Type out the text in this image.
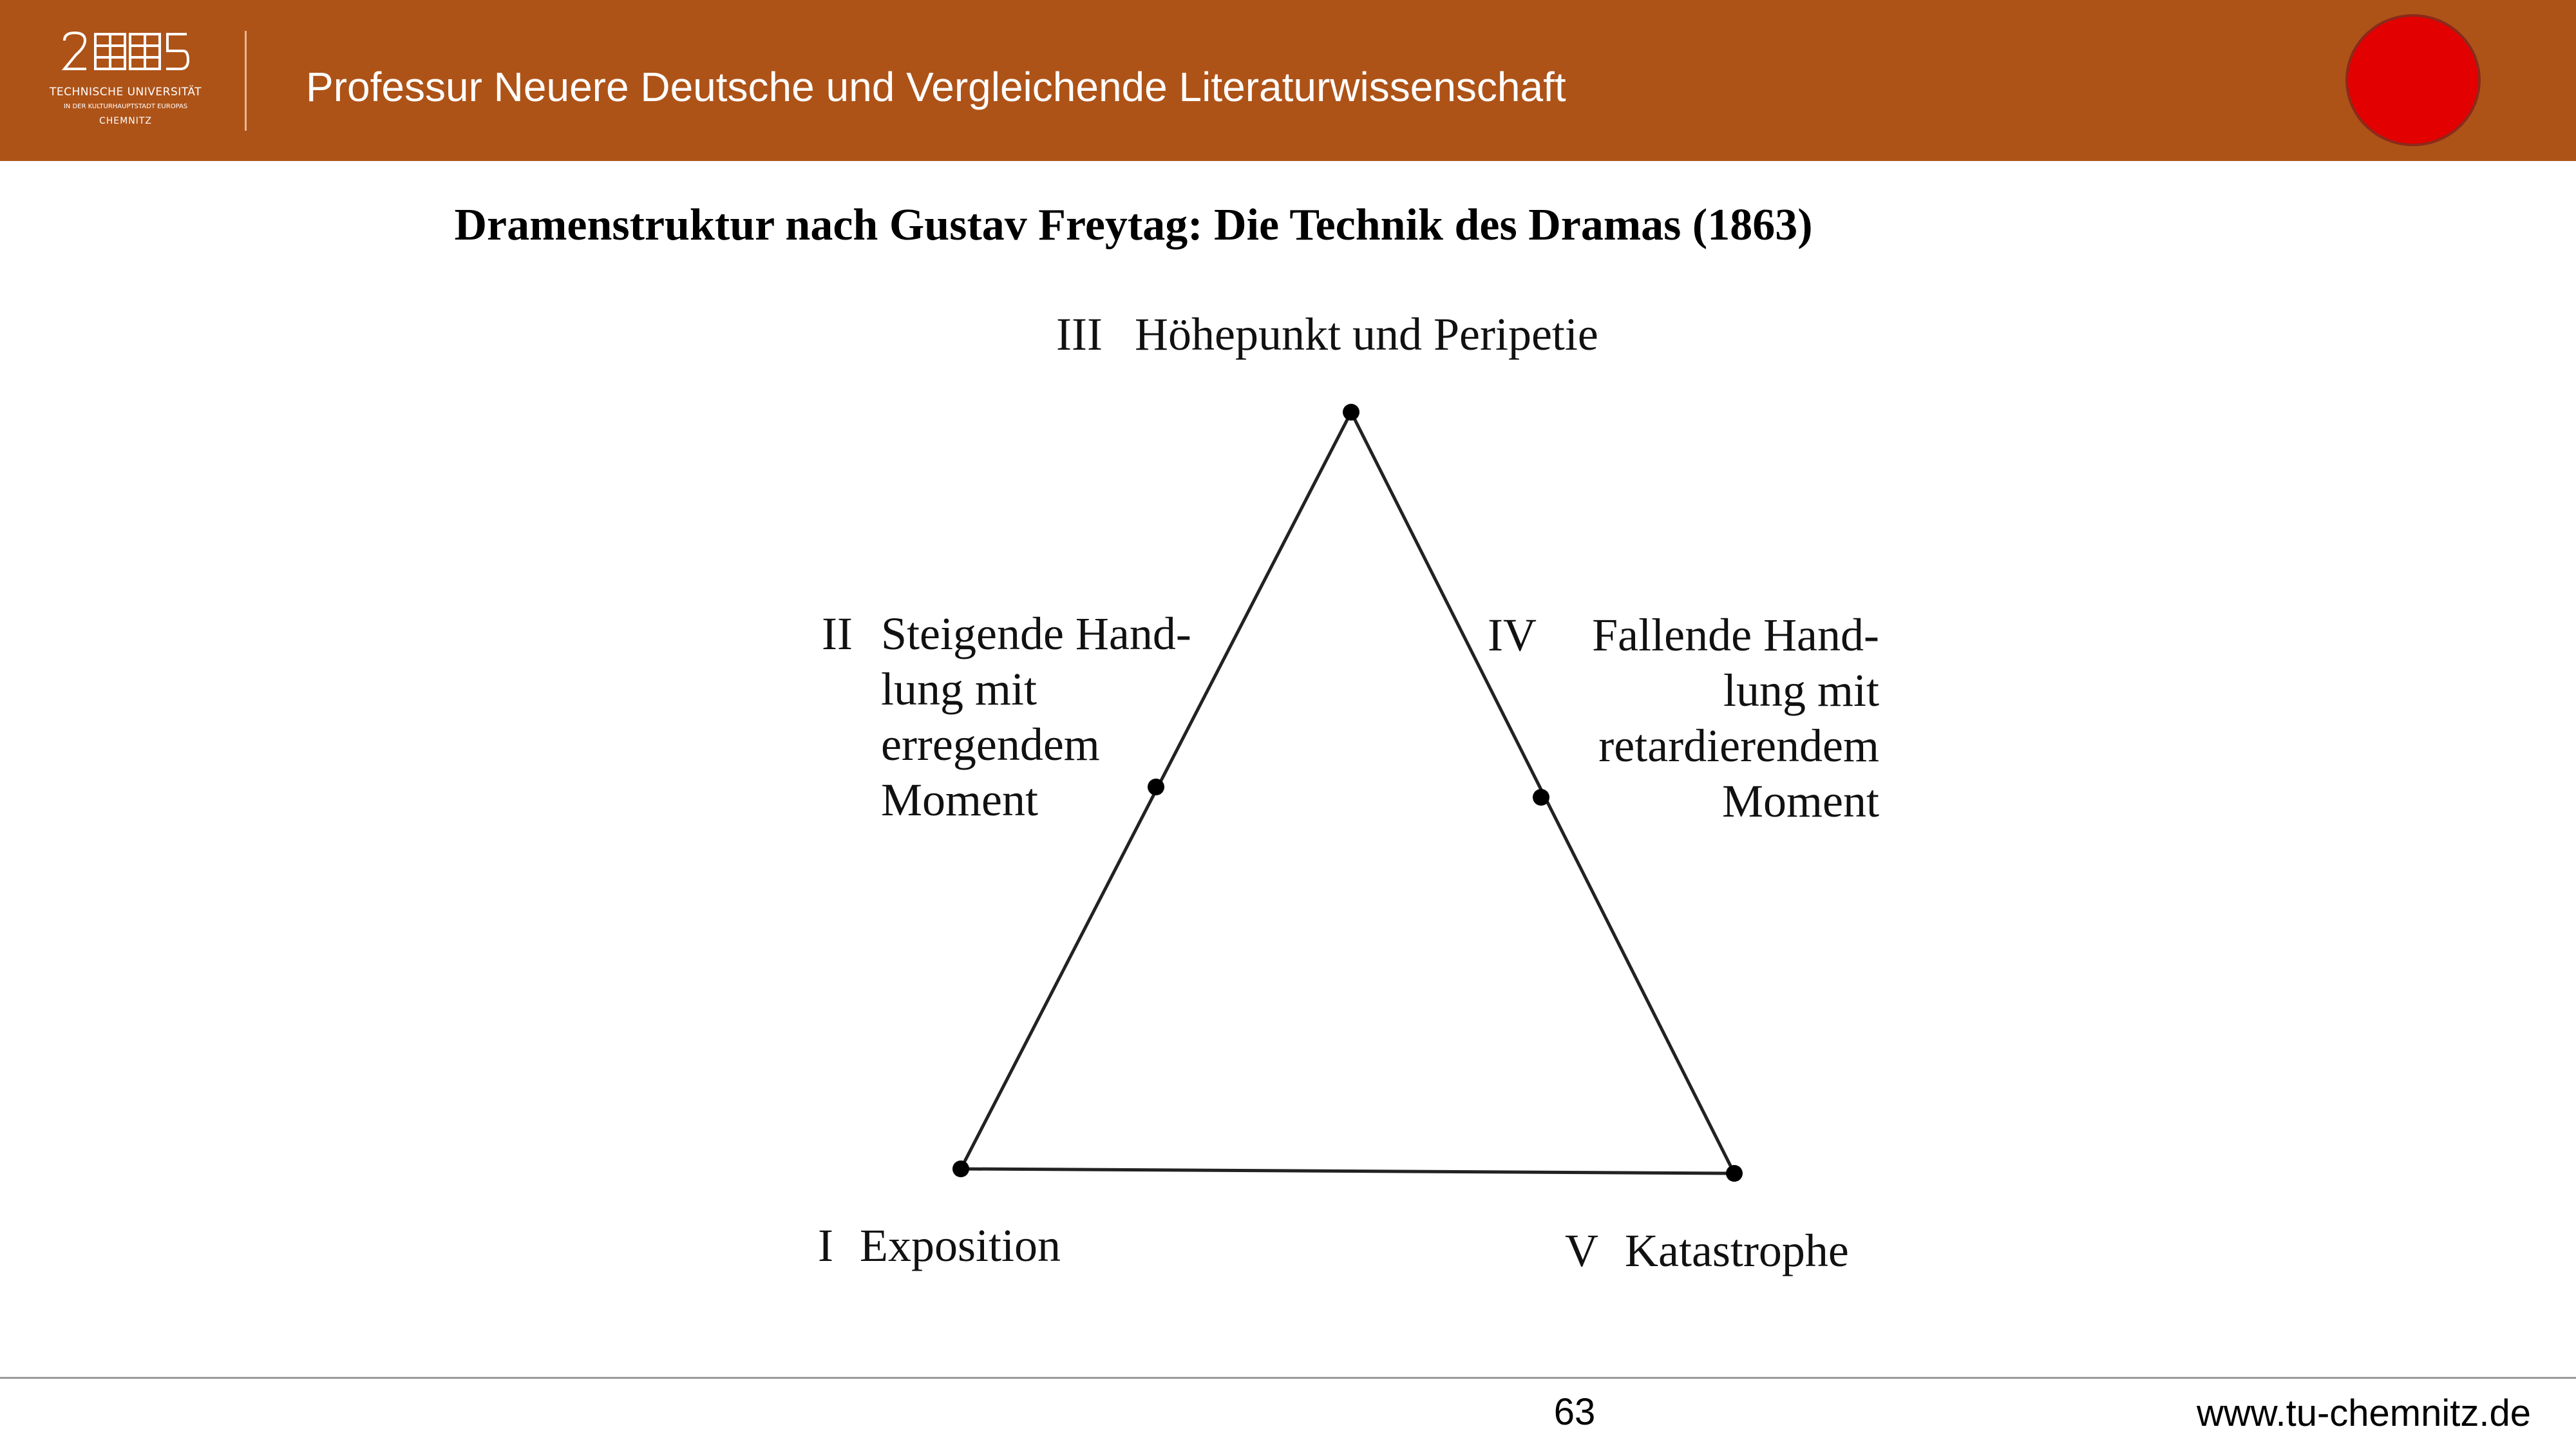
TECHNISCHE UNIVERSITÄT
IN DER KULTURHAUPTSTADT EUROPAS
CHEMNITZ
Professur Neuere Deutsche und Vergleichende Literaturwissenschaft
Dramenstruktur nach Gustav Freytag: Die Technik des Dramas (1863)
III Höhepunkt und Peripetie
II Steigende Hand-
lung mit
erregendem
Moment
IV Fallende Hand-
lung mit
retardierendem
Moment
I Exposition	V Katastrophe
63	www.tu-chemnitz.de
